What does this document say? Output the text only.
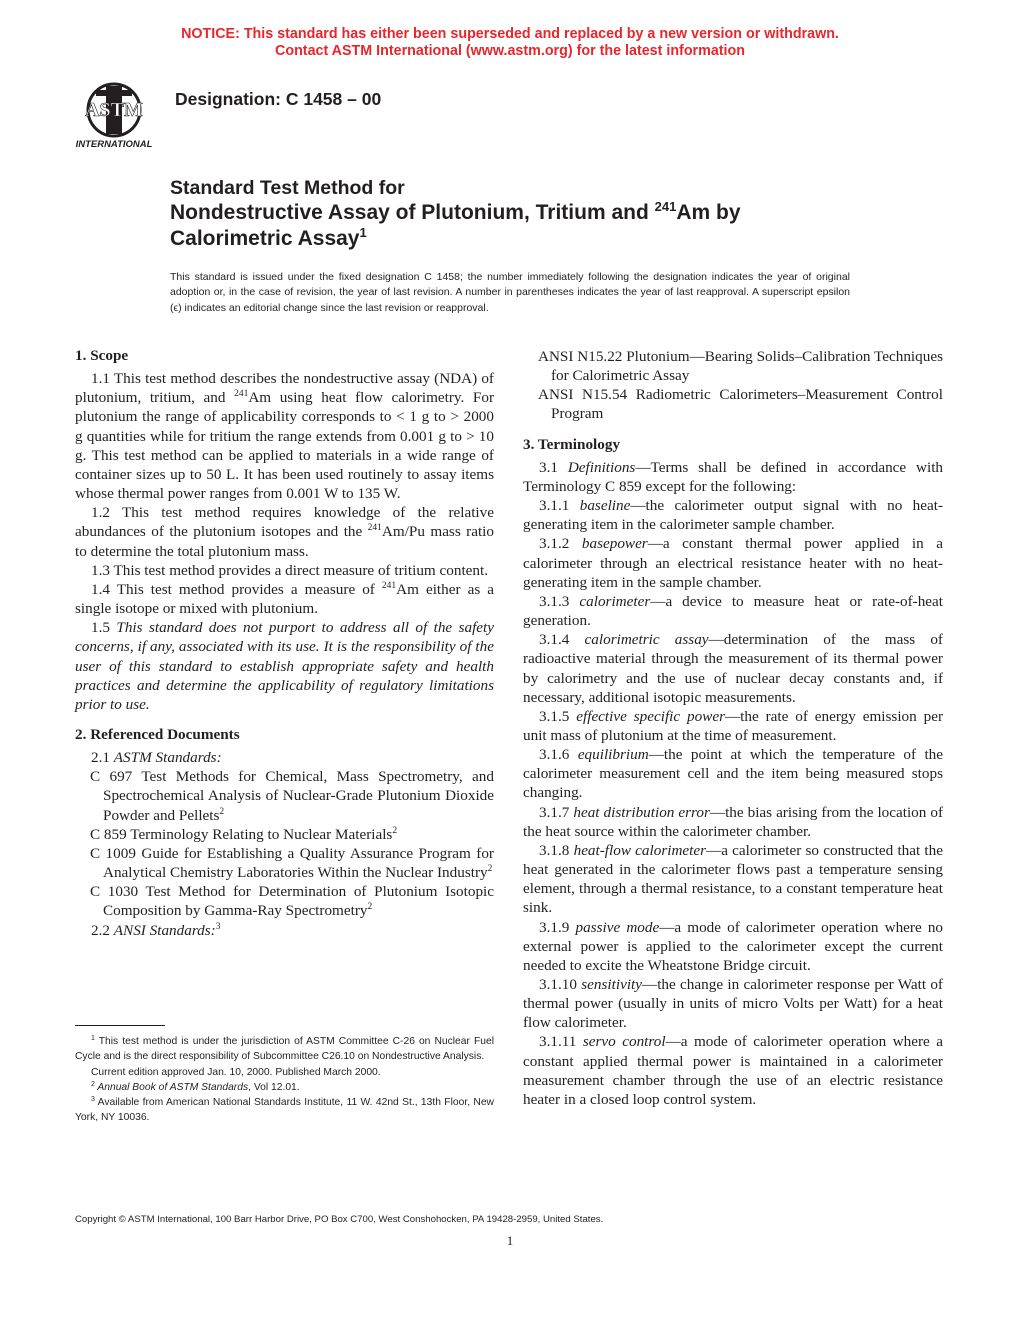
NOTICE: This standard has either been superseded and replaced by a new version or withdrawn.
Contact ASTM International (www.astm.org) for the latest information
ASTM
INTERNATIONAL
Designation: C 1458 – 00
Standard Test Method for
Nondestructive Assay of Plutonium, Tritium and $^{241}$Am by
Calorimetric Assay$^1$
This standard is issued under the fixed designation C 1458; the number immediately following the designation indicates the year of original adoption or, in the case of revision, the year of last revision. A number in parentheses indicates the year of last reapproval. A superscript epsilon (ϵ) indicates an editorial change since the last revision or reapproval.

1. Scope

1.1 This test method describes the nondestructive assay (NDA) of plutonium, tritium, and $^{241}$Am using heat flow calorimetry. For plutonium the range of applicability corresponds to < 1 g to > 2000 g quantities while for tritium the range extends from 0.001 g to > 10 g. This test method can be applied to materials in a wide range of container sizes up to 50 L. It has been used routinely to assay items whose thermal power ranges from 0.001 W to 135 W.

1.2 This test method requires knowledge of the relative abundances of the plutonium isotopes and the $^{241}$Am/Pu mass ratio to determine the total plutonium mass.

1.3 This test method provides a direct measure of tritium content.

1.4 This test method provides a measure of $^{241}$Am either as a single isotope or mixed with plutonium.

1.5 This standard does not purport to address all of the safety concerns, if any, associated with its use. It is the responsibility of the user of this standard to establish appropriate safety and health practices and determine the applicability of regulatory limitations prior to use.

2. Referenced Documents

2.1 ASTM Standards:

C 697 Test Methods for Chemical, Mass Spectrometry, and Spectrochemical Analysis of Nuclear-Grade Plutonium Dioxide Powder and Pellets$^2$

C 859 Terminology Relating to Nuclear Materials$^2$

C 1009 Guide for Establishing a Quality Assurance Program for Analytical Chemistry Laboratories Within the Nuclear Industry$^2$

C 1030 Test Method for Determination of Plutonium Isotopic Composition by Gamma-Ray Spectrometry$^2$

2.2 ANSI Standards:$^3$

ANSI N15.22 Plutonium—Bearing Solids–Calibration Techniques for Calorimetric Assay

ANSI N15.54 Radiometric Calorimeters–Measurement Control Program

3. Terminology

3.1 Definitions—Terms shall be defined in accordance with Terminology C 859 except for the following:

3.1.1 baseline—the calorimeter output signal with no heat-generating item in the calorimeter sample chamber.

3.1.2 basepower—a constant thermal power applied in a calorimeter through an electrical resistance heater with no heat-generating item in the sample chamber.

3.1.3 calorimeter—a device to measure heat or rate-of-heat generation.

3.1.4 calorimetric assay—determination of the mass of radioactive material through the measurement of its thermal power by calorimetry and the use of nuclear decay constants and, if necessary, additional isotopic measurements.

3.1.5 effective specific power—the rate of energy emission per unit mass of plutonium at the time of measurement.

3.1.6 equilibrium—the point at which the temperature of the calorimeter measurement cell and the item being measured stops changing.

3.1.7 heat distribution error—the bias arising from the location of the heat source within the calorimeter chamber.

3.1.8 heat-flow calorimeter—a calorimeter so constructed that the heat generated in the calorimeter flows past a temperature sensing element, through a thermal resistance, to a constant temperature heat sink.

3.1.9 passive mode—a mode of calorimeter operation where no external power is applied to the calorimeter except the current needed to excite the Wheatstone Bridge circuit.

3.1.10 sensitivity—the change in calorimeter response per Watt of thermal power (usually in units of micro Volts per Watt) for a heat flow calorimeter.

3.1.11 servo control—a mode of calorimeter operation where a constant applied thermal power is maintained in a calorimeter measurement chamber through the use of an electric resistance heater in a closed loop control system.

$^1$ This test method is under the jurisdiction of ASTM Committee C-26 on Nuclear Fuel Cycle and is the direct responsibility of Subcommittee C26.10 on Nondestructive Analysis.

Current edition approved Jan. 10, 2000. Published March 2000.

$^2$ Annual Book of ASTM Standards, Vol 12.01.

$^3$ Available from American National Standards Institute, 11 W. 42nd St., 13th Floor, New York, NY 10036.

Copyright © ASTM International, 100 Barr Harbor Drive, PO Box C700, West Conshohocken, PA 19428-2959, United States.
1
